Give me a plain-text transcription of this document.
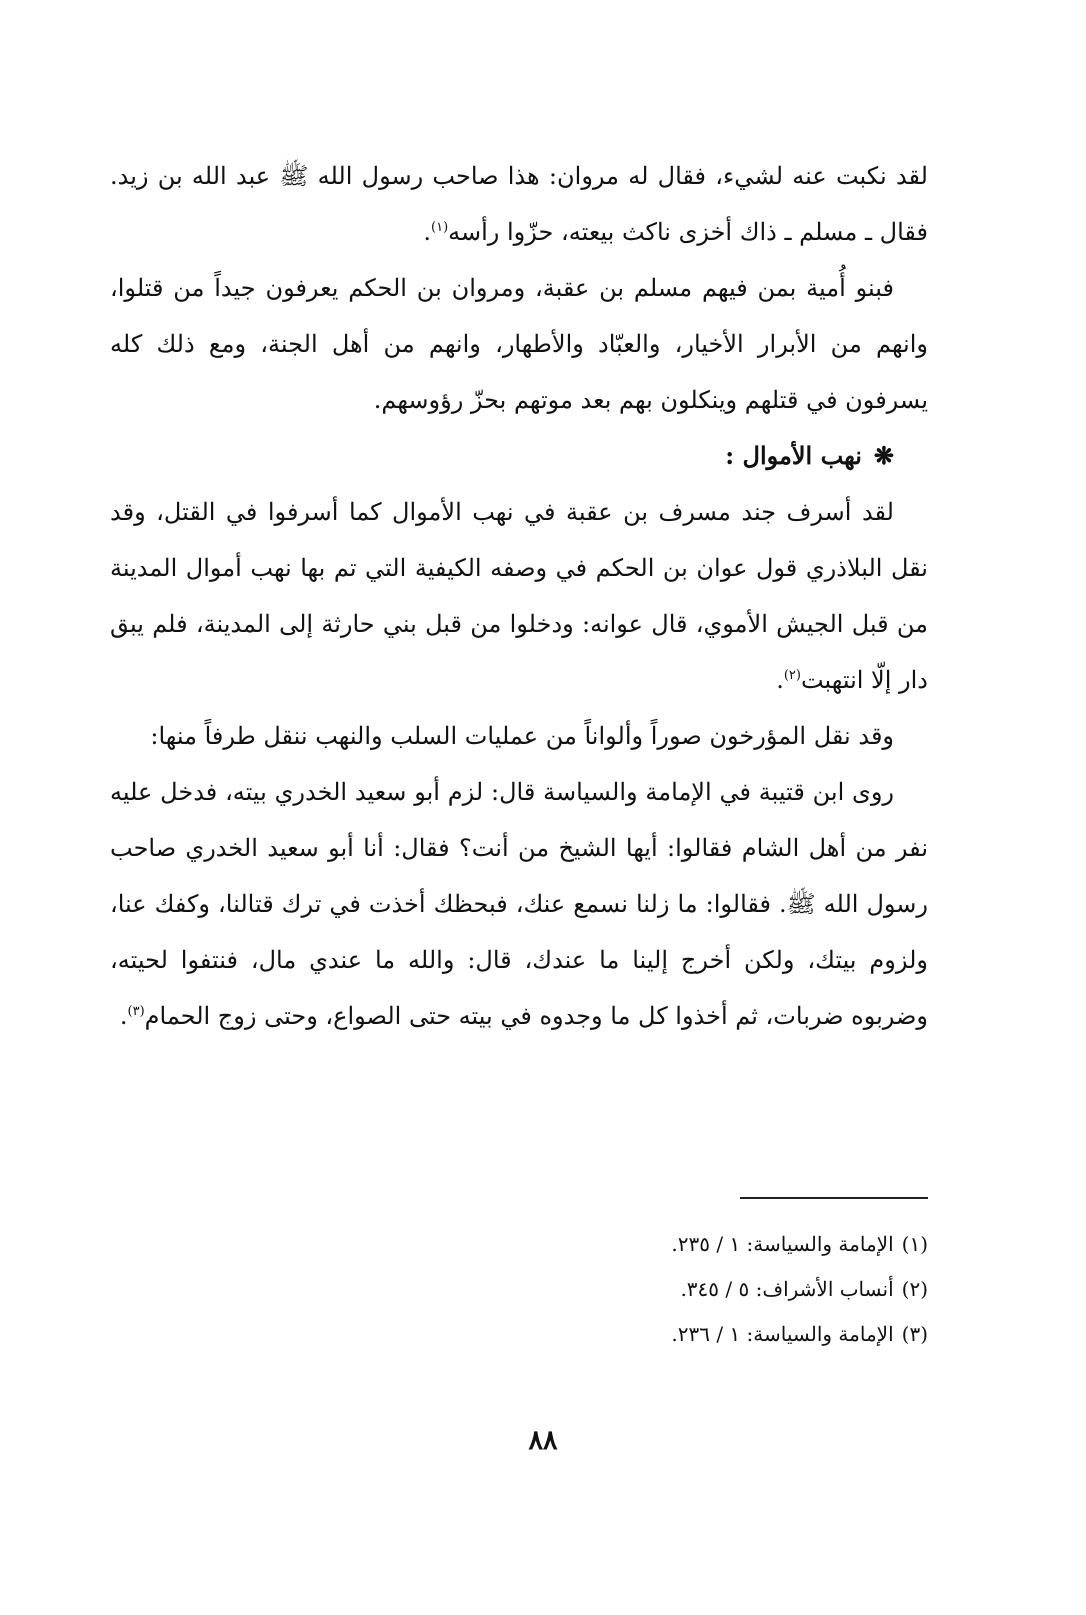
لقد نكبت عنه لشيء، فقال له مروان: هذا صاحب رسول الله ﷺ عبد الله بن زيد. فقال ـ مسلم ـ ذاك أخزى ناكث بيعته، حزّوا رأسه$^{(١)}$.

فبنو أُمية بمن فيهم مسلم بن عقبة، ومروان بن الحكم يعرفون جيداً من قتلوا، وانهم من الأبرار الأخيار، والعبّاد والأطهار، وانهم من أهل الجنة، ومع ذلك كله يسرفون في قتلهم وينكلون بهم بعد موتهم بحزّ رؤوسهم.

❋نهب الأموال :

لقد أسرف جند مسرف بن عقبة في نهب الأموال كما أسرفوا في القتل، وقد نقل البلاذري قول عوان بن الحكم في وصفه الكيفية التي تم بها نهب أموال المدينة من قبل الجيش الأموي، قال عوانه: ودخلوا من قبل بني حارثة إلى المدينة، فلم يبق دار إلّا انتهبت$^{(٢)}$.

وقد نقل المؤرخون صوراً وألواناً من عمليات السلب والنهب ننقل طرفاً منها:

روى ابن قتيبة في الإمامة والسياسة قال: لزم أبو سعيد الخدري بيته، فدخل عليه نفر من أهل الشام فقالوا: أيها الشيخ من أنت؟ فقال: أنا أبو سعيد الخدري صاحب رسول الله ﷺ. فقالوا: ما زلنا نسمع عنك، فبحظك أخذت في ترك قتالنا، وكفك عنا، ولزوم بيتك، ولكن أخرج إلينا ما عندك، قال: والله ما عندي مال، فنتفوا لحيته، وضربوه ضربات، ثم أخذوا كل ما وجدوه في بيته حتى الصواع، وحتى زوج الحمام$^{(٣)}$.

(١)الإمامة والسياسة: ١ / ٢٣٥.

(٢)أنساب الأشراف: ٥ / ٣٤٥.

(٣)الإمامة والسياسة: ١ / ٢٣٦.

٨٨
